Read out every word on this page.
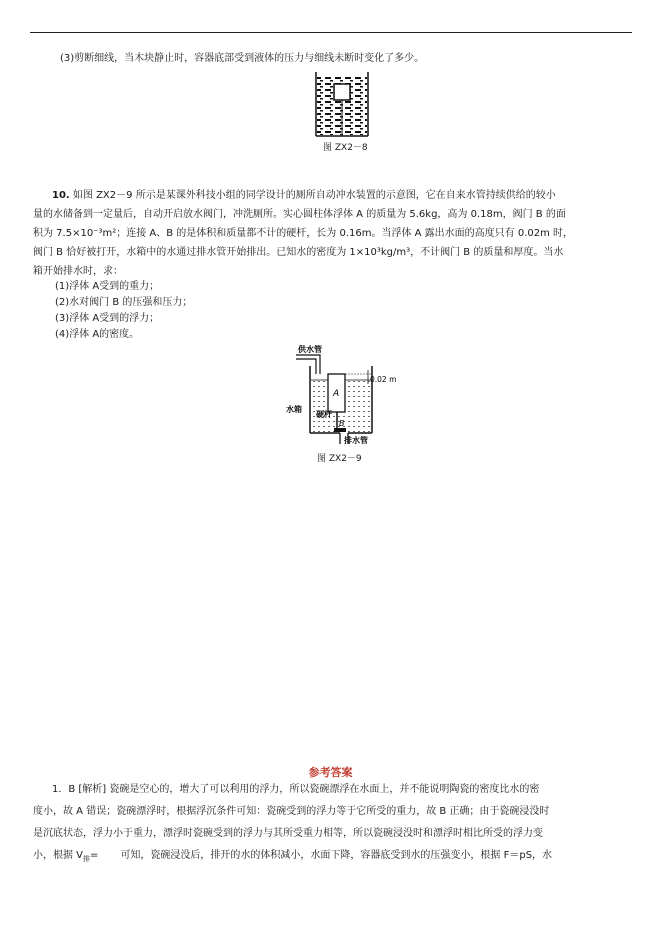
(3)剪断细线，当木块静止时，容器底部受到液体的压力与细线未断时变化了多少。
图 ZX2－8
10. 如图 ZX2－9 所示是某课外科技小组的同学设计的厕所自动冲水装置的示意图，它在自来水管持续供给的较小
量的水储备到一定量后，自动开启放水阀门，冲洗厕所。实心圆柱体浮体 A 的质量为 5.6kg，高为 0.18m，阀门 B 的面
积为 7.5×10⁻³m²；连接 A、B 的是体积和质量都不计的硬杆，长为 0.16m。当浮体 A 露出水面的高度只有 0.02m 时，
阀门 B 恰好被打开，水箱中的水通过排水管开始排出。已知水的密度为 1×10³kg/m³，不计阀门 B 的质量和厚度。当水
箱开始排水时，求：
(1)浮体 A受到的重力；
(2)水对阀门 B 的压强和压力；
(3)浮体 A受到的浮力；
(4)浮体 A的密度。
供水管
A
硬杆
B
排水管
水箱
0.02 m
图 ZX2－9
参考答案
1．B [解析] 瓷碗是空心的，增大了可以利用的浮力，所以瓷碗漂浮在水面上，并不能说明陶瓷的密度比水的密
度小，故 A 错误；瓷碗漂浮时，根据浮沉条件可知：瓷碗受到的浮力等于它所受的重力，故 B 正确；由于瓷碗浸没时
是沉底状态，浮力小于重力，漂浮时瓷碗受到的浮力与其所受重力相等，所以瓷碗浸没时和漂浮时相比所受的浮力变
小，根据 $V_排=$ 可知，瓷碗浸没后，排开的水的体积减小，水面下降，容器底受到水的压强变小，根据 F＝pS，水
